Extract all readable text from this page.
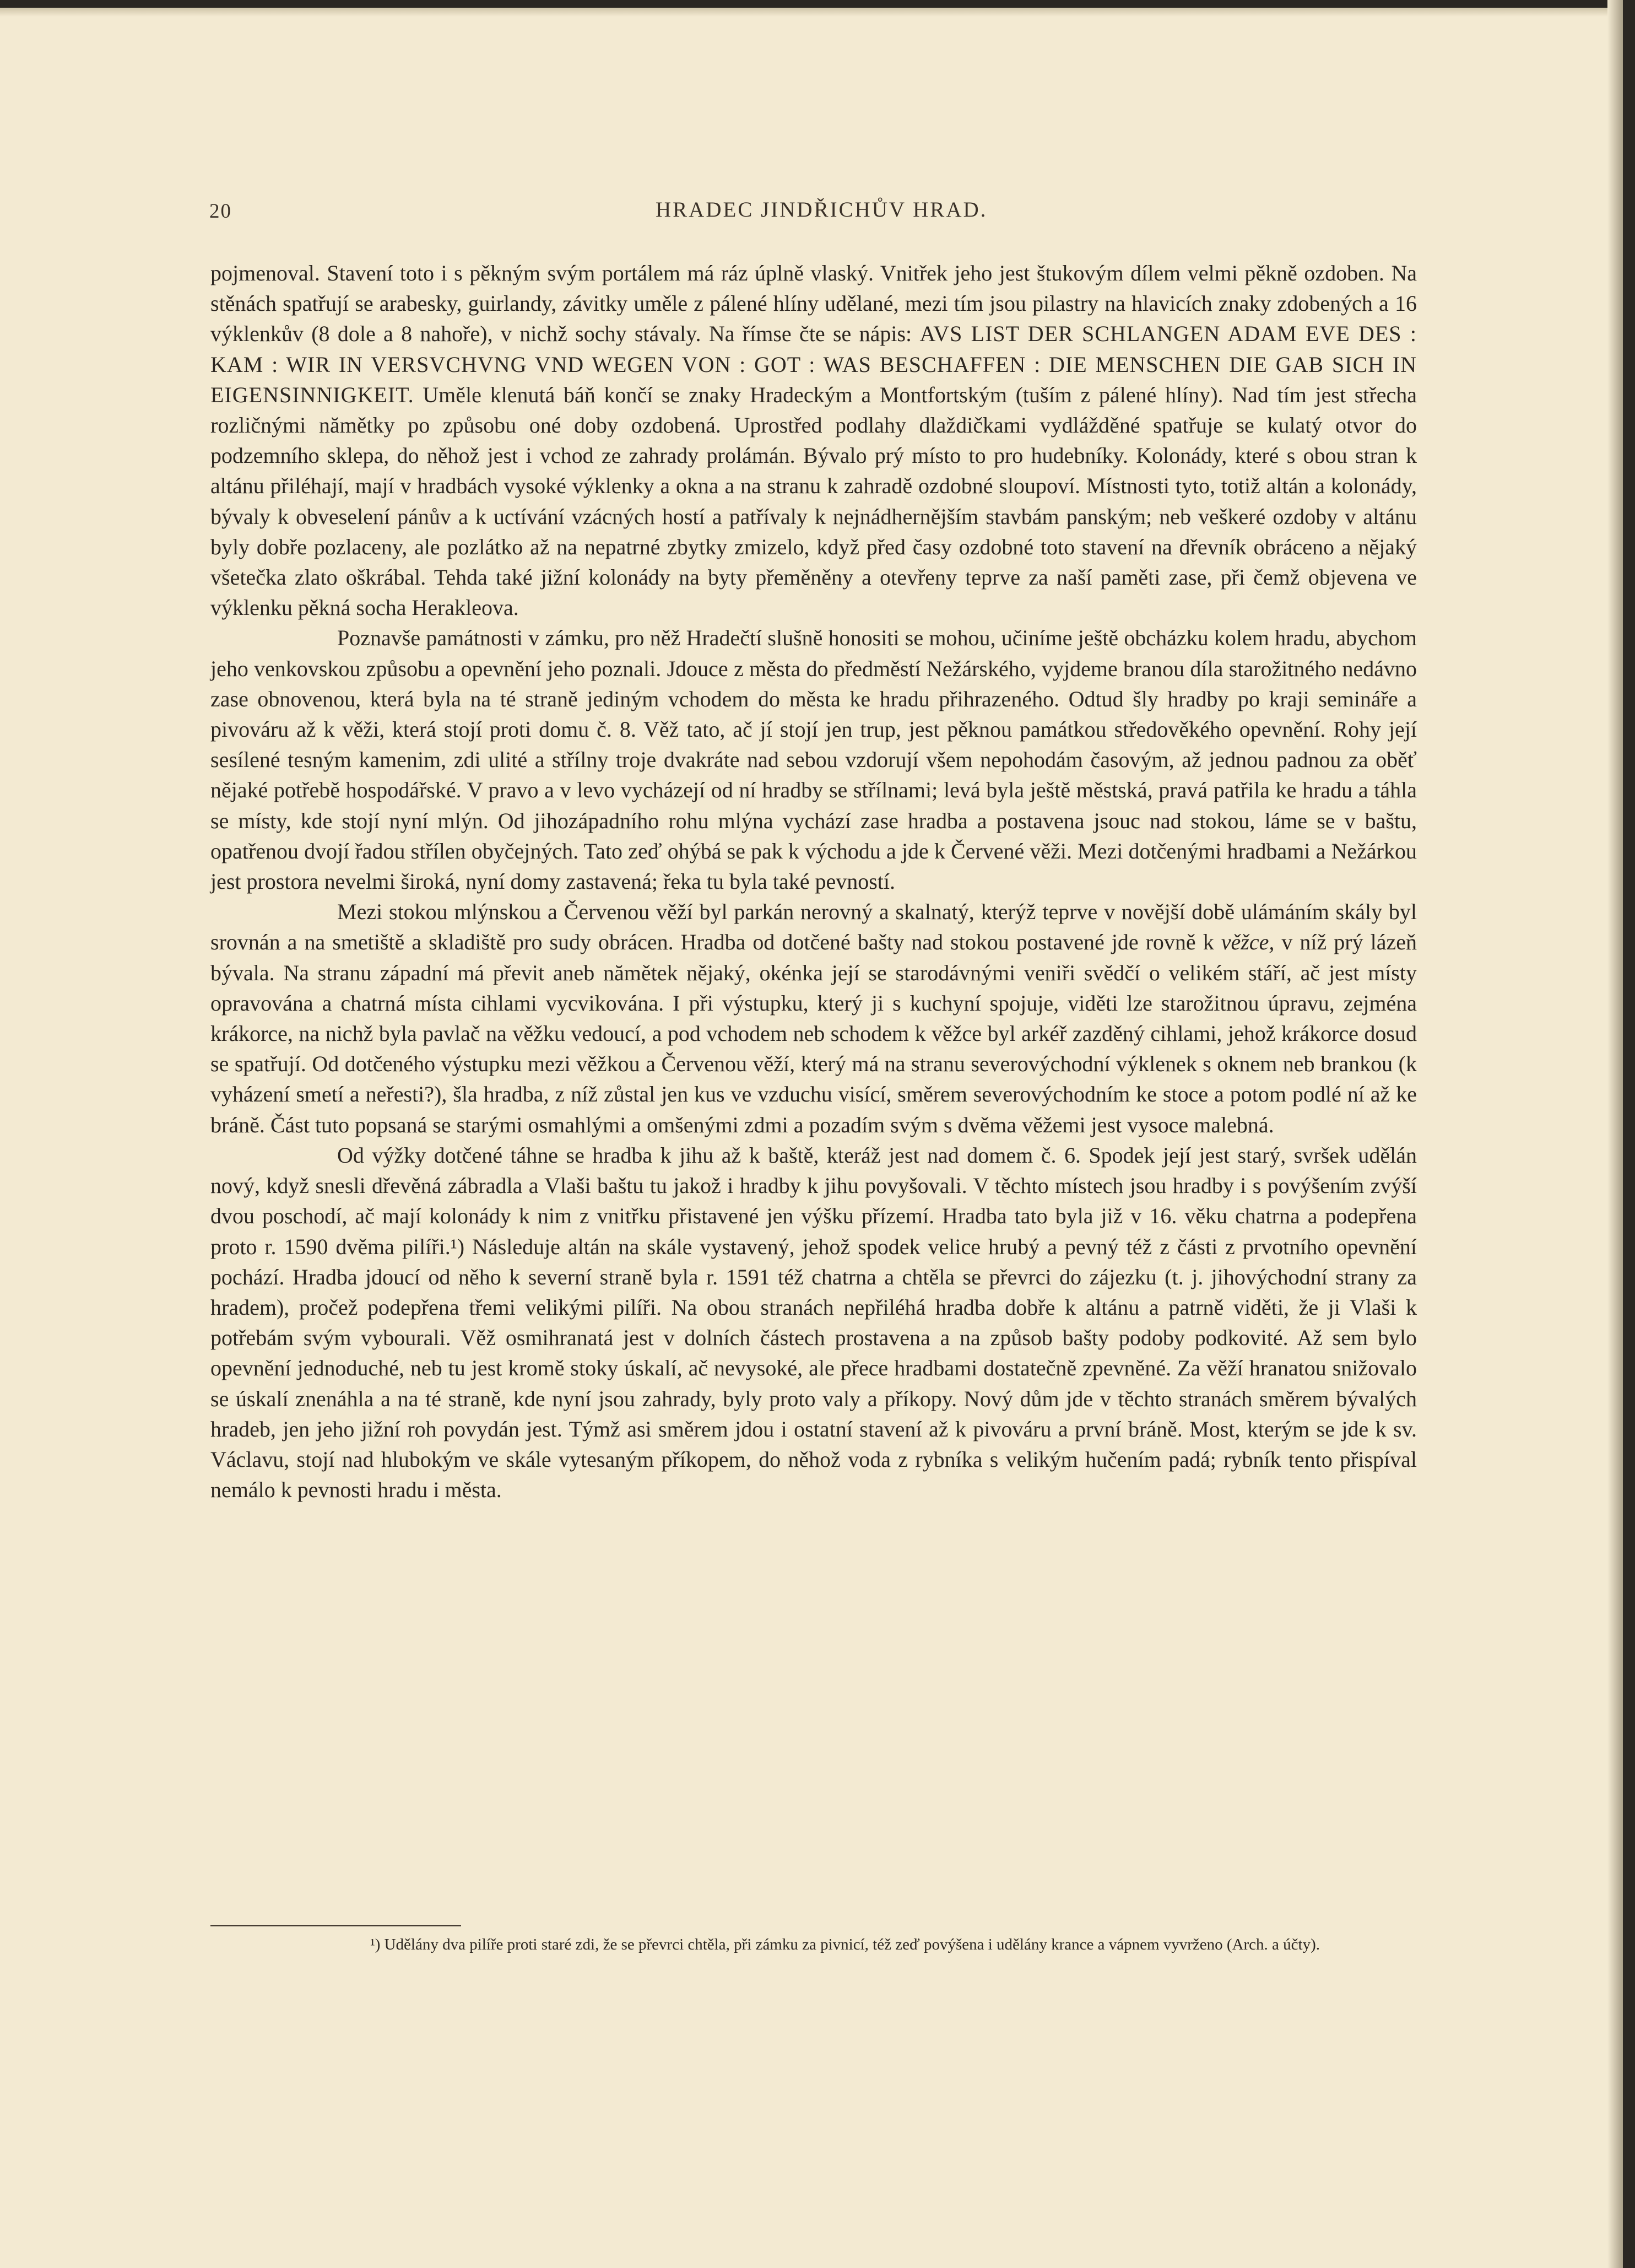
20	HRADEC JINDŘICHŮV HRAD.

pojmenoval. Stavení toto i s pěkným svým portálem má ráz úplně vlaský. Vnitřek jeho jest štukovým dílem velmi pěkně ozdoben. Na stěnách spatřují se arabesky, guirlandy, závitky uměle z pálené hlíny udělané, mezi tím jsou pilastry na hlavicích znaky zdobených a 16 výklenkův (8 dole a 8 nahoře), v nichž sochy stávaly. Na římse čte se nápis: AVS LIST DER SCHLANGEN ADAM EVE DES : KAM : WIR IN VERSVCHVNG VND WEGEN VON : GOT : WAS BESCHAFFEN : DIE MENSCHEN DIE GAB SICH IN EIGENSINNIGKEIT. Uměle klenutá báň končí se znaky Hradeckým a Montfortským (tuším z pálené hlíny). Nad tím jest střecha rozličnými nămětky po způsobu oné doby ozdobená. Uprostřed podlahy dlaždičkami vydlážděné spatřuje se kulatý otvor do podzemního sklepa, do něhož jest i vchod ze zahrady prolámán. Bývalo prý místo to pro hudebníky. Kolonády, které s obou stran k altánu přiléhají, mají v hradbách vysoké výklenky a okna a na stranu k zahradě ozdobné sloupoví. Místnosti tyto, totiž altán a kolonády, bývaly k obveselení pánův a k uctívání vzácných hostí a patřívaly k nejnádhernějším stavbám panským; neb veškeré ozdoby v altánu byly dobře pozlaceny, ale pozlátko až na nepatrné zbytky zmizelo, když před časy ozdobné toto stavení na dřevník obráceno a nějaký všetečka zlato oškrábal. Tehda také jižní kolonády na byty přeměněny a otevřeny teprve za naší paměti zase, při čemž objevena ve výklenku pěkná socha Herakleova.

Poznavše památnosti v zámku, pro něž Hradečtí slušně honositi se mohou, učiníme ještě obcházku kolem hradu, abychom jeho venkovskou způsobu a opevnění jeho poznali. Jdouce z města do předměstí Nežárského, vyjdeme branou díla starožitného nedávno zase obnovenou, která byla na té straně jediným vchodem do města ke hradu přihrazeného. Odtud šly hradby po kraji semináře a pivováru až k věži, která stojí proti domu č. 8. Věž tato, ač jí stojí jen trup, jest pěknou památkou středověkého opevnění. Rohy její sesílené tesným kamenim, zdi ulité a střílny troje dvakráte nad sebou vzdorují všem nepohodám časovým, až jednou padnou za oběť nějaké potřebě hospodářské. V pravo a v levo vycházejí od ní hradby se střílnami; levá byla ještě městská, pravá patřila ke hradu a táhla se místy, kde stojí nyní mlýn. Od jihozápadního rohu mlýna vychází zase hradba a postavena jsouc nad stokou, láme se v baštu, opatřenou dvojí řadou střílen obyčejných. Tato zeď ohýbá se pak k východu a jde k Červené věži. Mezi dotčenými hradbami a Nežárkou jest prostora nevelmi široká, nyní domy zastavená; řeka tu byla také pevností.

Mezi stokou mlýnskou a Červenou věží byl parkán nerovný a skalnatý, kterýž teprve v novější době ulámáním skály byl srovnán a na smetiště a skladiště pro sudy obrácen. Hradba od dotčené bašty nad stokou postavené jde rovně k věžce, v níž prý lázeň bývala. Na stranu západní má převit aneb nămětek nějaký, okénka její se starodávnými veniři svědčí o velikém stáří, ač jest místy opravována a chatrná místa cihlami vycvikována. I při výstupku, který ji s kuchyní spojuje, viděti lze starožitnou úpravu, zejména krákorce, na nichž byla pavlač na věžku vedoucí, a pod vchodem neb schodem k věžce byl arkéř zazděný cihlami, jehož krákorce dosud se spatřují. Od dotčeného výstupku mezi věžkou a Červenou věží, který má na stranu severovýchodní výklenek s oknem neb brankou (k vyházení smetí a neřesti?), šla hradba, z níž zůstal jen kus ve vzduchu visící, směrem severovýchodním ke stoce a potom podlé ní až ke bráně. Část tuto popsaná se starými osmahlými a omšenými zdmi a pozadím svým s dvěma věžemi jest vysoce malebná.

Od výžky dotčené táhne se hradba k jihu až k baště, kteráž jest nad domem č. 6. Spodek její jest starý, svršek udělán nový, když snesli dřevěná zábradla a Vlaši baštu tu jakož i hradby k jihu povyšovali. V těchto místech jsou hradby i s povýšením zvýší dvou poschodí, ač mají kolonády k nim z vnitřku přistavené jen výšku přízemí. Hradba tato byla již v 16. věku chatrna a podepřena proto r. 1590 dvěma pilíři.¹) Následuje altán na skále vystavený, jehož spodek velice hrubý a pevný též z části z prvotního opevnění pochází. Hradba jdoucí od něho k severní straně byla r. 1591 též chatrna a chtěla se převrci do zájezku (t. j. jihovýchodní strany za hradem), pročež podepřena třemi velikými pilíři. Na obou stranách nepřiléhá hradba dobře k altánu a patrně viděti, že ji Vlaši k potřebám svým vybourali. Věž osmihranatá jest v dolních částech prostavena a na způsob bašty podoby podkovité. Až sem bylo opevnění jednoduché, neb tu jest kromě stoky úskalí, ač nevysoké, ale přece hradbami dostatečně zpevněné. Za věží hranatou snižovalo se úskalí znenáhla a na té straně, kde nyní jsou zahrady, byly proto valy a příkopy. Nový dům jde v těchto stranách směrem bývalých hradeb, jen jeho jižní roh povydán jest. Týmž asi směrem jdou i ostatní stavení až k pivováru a první bráně. Most, kterým se jde k sv. Václavu, stojí nad hlubokým ve skále vytesaným příkopem, do něhož voda z rybníka s velikým hučením padá; rybník tento přispíval nemálo k pevnosti hradu i města.

¹) Udělány dva pilíře proti staré zdi, že se převrci chtěla, při zámku za pivnicí, též zeď povýšena i udělány krance a vápnem vyvrženo (Arch. a účty).
